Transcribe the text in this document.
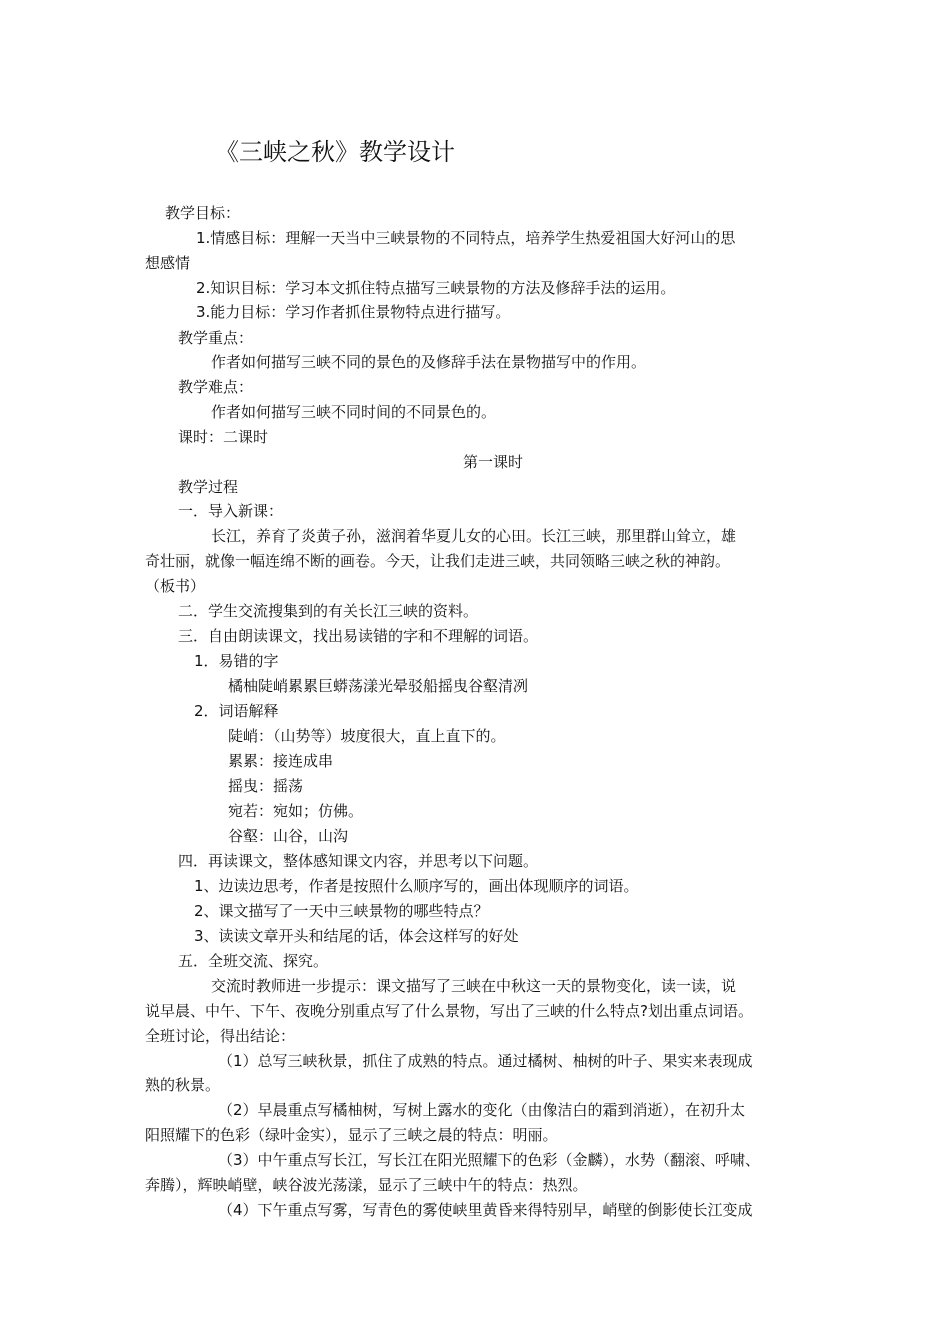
《三峡之秋》教学设计
教学目标：
1.情感目标：理解一天当中三峡景物的不同特点，培养学生热爱祖国大好河山的思
想感情
2.知识目标：学习本文抓住特点描写三峡景物的方法及修辞手法的运用。
3.能力目标：学习作者抓住景物特点进行描写。
教学重点：
作者如何描写三峡不同的景色的及修辞手法在景物描写中的作用。
教学难点：
作者如何描写三峡不同时间的不同景色的。
课时：二课时
第一课时
教学过程
一．导入新课：
长江，养育了炎黄子孙，滋润着华夏儿女的心田。长江三峡，那里群山耸立，雄
奇壮丽，就像一幅连绵不断的画卷。今天，让我们走进三峡，共同领略三峡之秋的神韵。
（板书）
二．学生交流搜集到的有关长江三峡的资料。
三．自由朗读课文，找出易读错的字和不理解的词语。
1．易错的字
橘柚陡峭累累巨蟒荡漾光晕驳船摇曳谷壑清冽
2．词语解释
陡峭：（山势等）坡度很大，直上直下的。
累累：接连成串
摇曳：摇荡
宛若：宛如；仿佛。
谷壑：山谷，山沟
四．再读课文，整体感知课文内容，并思考以下问题。
1、边读边思考，作者是按照什么顺序写的，画出体现顺序的词语。
2、课文描写了一天中三峡景物的哪些特点？
3、读读文章开头和结尾的话，体会这样写的好处
五．全班交流、探究。
交流时教师进一步提示：课文描写了三峡在中秋这一天的景物变化，读一读，说
说早晨、中午、下午、夜晚分别重点写了什么景物，写出了三峡的什么特点?划出重点词语。
全班讨论，得出结论：
（1）总写三峡秋景，抓住了成熟的特点。通过橘树、柚树的叶子、果实来表现成
熟的秋景。
（2）早晨重点写橘柚树，写树上露水的变化（由像洁白的霜到消逝），在初升太
阳照耀下的色彩（绿叶金实），显示了三峡之晨的特点：明丽。
（3）中午重点写长江，写长江在阳光照耀下的色彩（金麟），水势（翻滚、呼啸、
奔腾），辉映峭壁，峡谷波光荡漾，显示了三峡中午的特点：热烈。
（4）下午重点写雾，写青色的雾使峡里黄昏来得特别早，峭壁的倒影使长江变成
